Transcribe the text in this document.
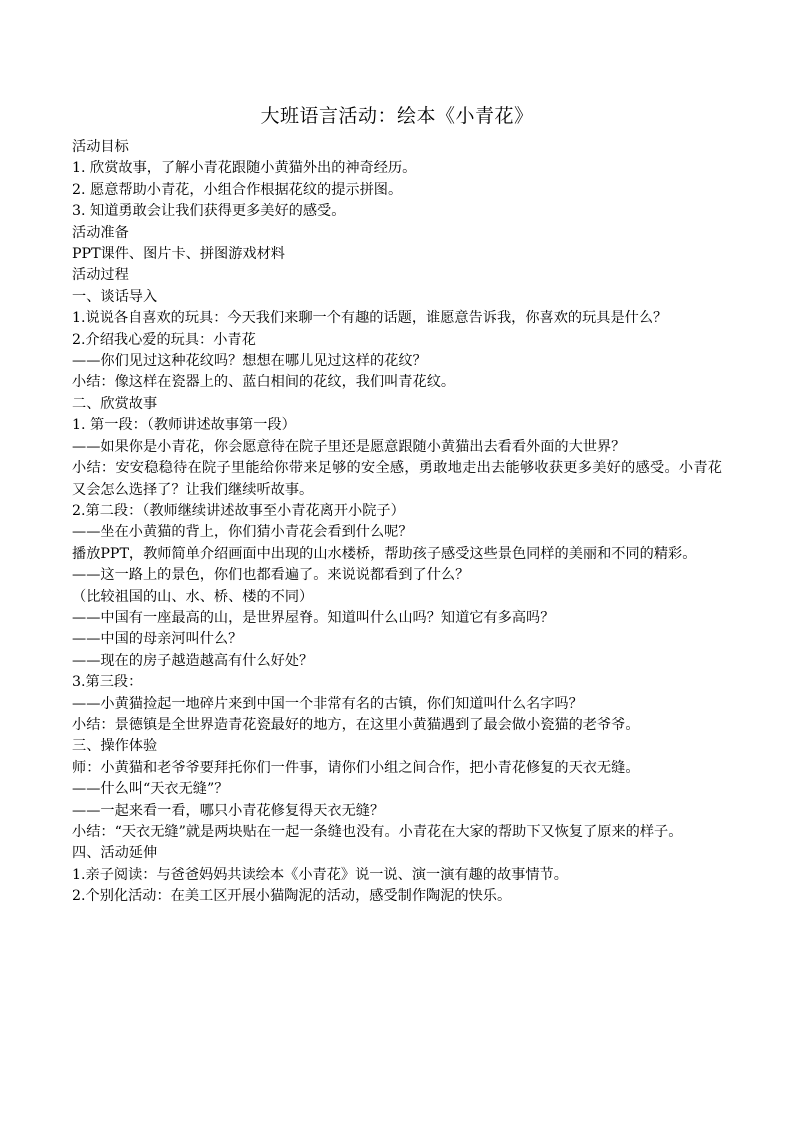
大班语言活动：绘本《小青花》

活动目标

1. 欣赏故事，了解小青花跟随小黄猫外出的神奇经历。

2. 愿意帮助小青花，小组合作根据花纹的提示拼图。

3. 知道勇敢会让我们获得更多美好的感受。

活动准备

PPT课件、图片卡、拼图游戏材料

活动过程

一、谈话导入

1.说说各自喜欢的玩具：今天我们来聊一个有趣的话题，谁愿意告诉我，你喜欢的玩具是什么？

2.介绍我心爱的玩具：小青花

——你们见过这种花纹吗？想想在哪儿见过这样的花纹？

小结：像这样在瓷器上的、蓝白相间的花纹，我们叫青花纹。

二、欣赏故事

1. 第一段：（教师讲述故事第一段）

——如果你是小青花，你会愿意待在院子里还是愿意跟随小黄猫出去看看外面的大世界？

小结：安安稳稳待在院子里能给你带来足够的安全感，勇敢地走出去能够收获更多美好的感受。小青花又会怎么选择了？让我们继续听故事。

2.第二段：（教师继续讲述故事至小青花离开小院子）

——坐在小黄猫的背上，你们猜小青花会看到什么呢？

播放PPT，教师简单介绍画面中出现的山水楼桥，帮助孩子感受这些景色同样的美丽和不同的精彩。

——这一路上的景色，你们也都看遍了。来说说都看到了什么？

（比较祖国的山、水、桥、楼的不同）

——中国有一座最高的山，是世界屋脊。知道叫什么山吗？知道它有多高吗？

——中国的母亲河叫什么？

——现在的房子越造越高有什么好处？

3.第三段：

——小黄猫捡起一地碎片来到中国一个非常有名的古镇，你们知道叫什么名字吗？

小结：景德镇是全世界造青花瓷最好的地方，在这里小黄猫遇到了最会做小瓷猫的老爷爷。

三、操作体验

师：小黄猫和老爷爷要拜托你们一件事，请你们小组之间合作，把小青花修复的天衣无缝。

——什么叫“天衣无缝”？

——一起来看一看，哪只小青花修复得天衣无缝？

小结：“天衣无缝”就是两块贴在一起一条缝也没有。小青花在大家的帮助下又恢复了原来的样子。

四、活动延伸

1.亲子阅读：与爸爸妈妈共读绘本《小青花》说一说、演一演有趣的故事情节。

2.个别化活动：在美工区开展小猫陶泥的活动，感受制作陶泥的快乐。
